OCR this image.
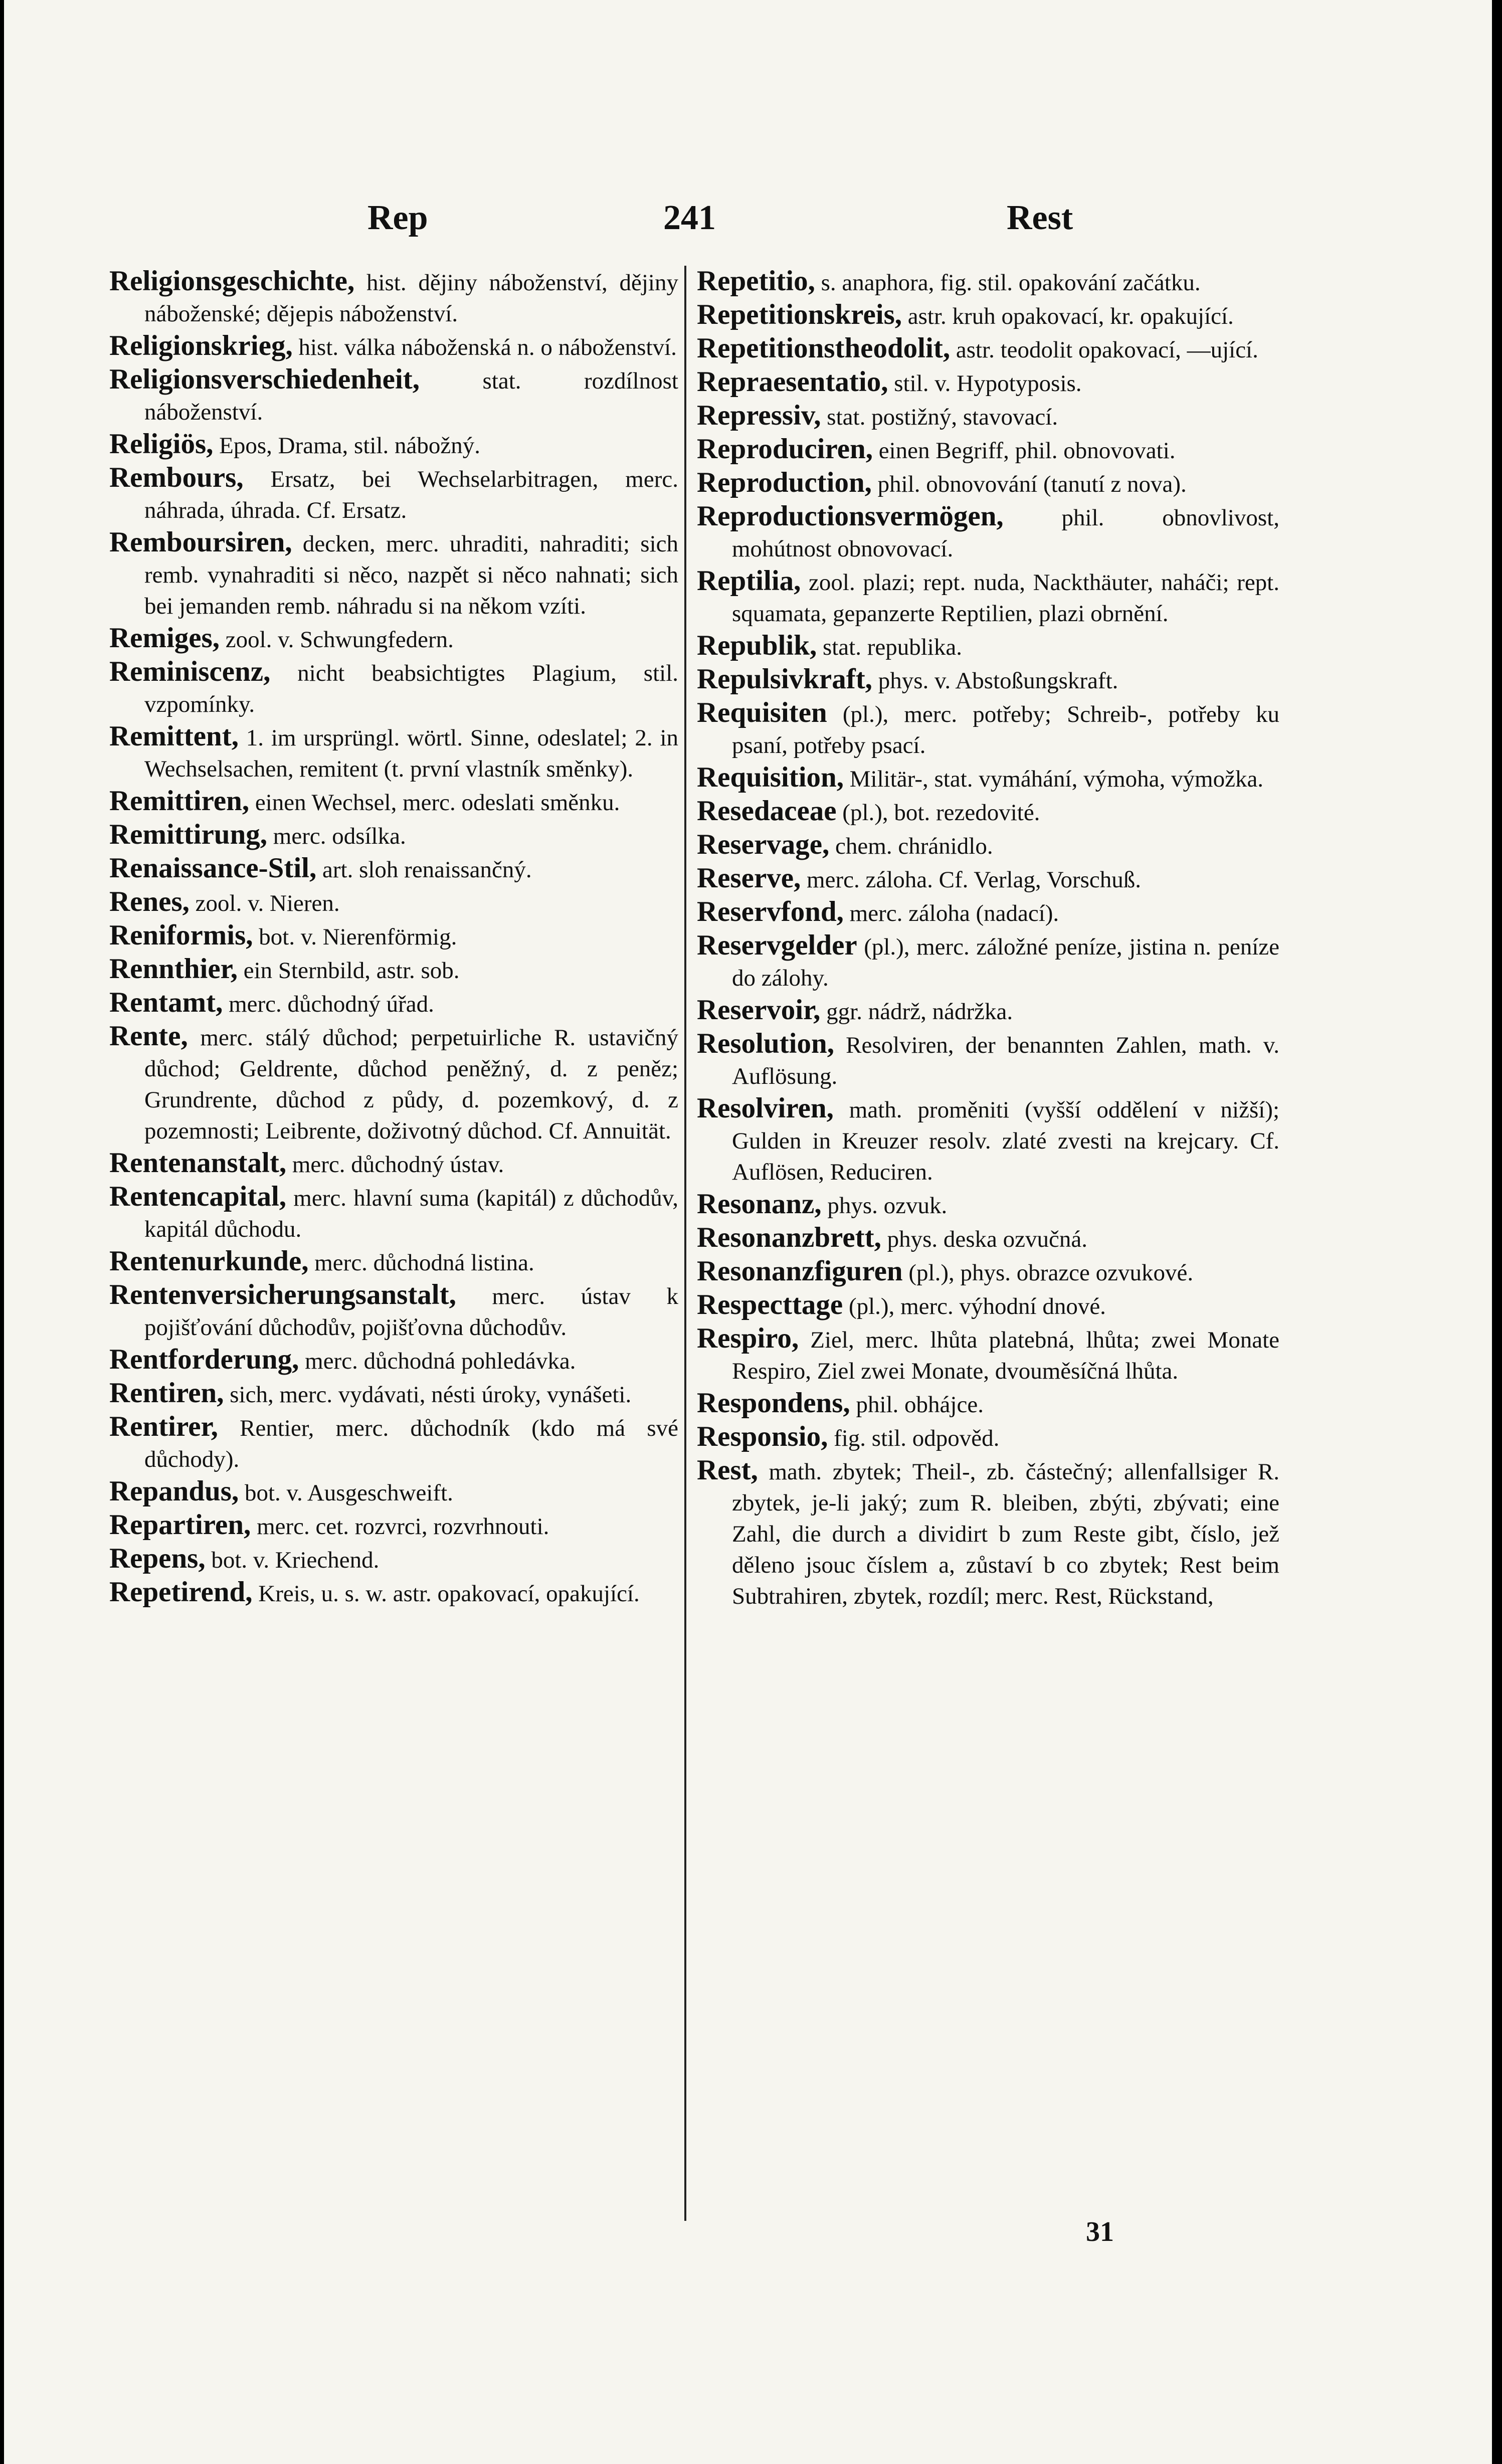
Rep	241	Rest

Religionsgeschichte, hist. dějiny náboženství, dějiny náboženské; dějepis náboženství.

Religionskrieg, hist. válka náboženská n. o náboženství.

Religionsverschiedenheit, stat. rozdílnost náboženství.

Religiös, Epos, Drama, stil. nábožný.

Rembours, Ersatz, bei Wechselarbitragen, merc. náhrada, úhrada. Cf. Ersatz.

Remboursiren, decken, merc. uhraditi, nahraditi; sich remb. vynahraditi si něco, nazpět si něco nahnati; sich bei jemanden remb. náhradu si na někom vzíti.

Remiges, zool. v. Schwungfedern.

Reminiscenz, nicht beabsichtigtes Plagium, stil. vzpomínky.

Remittent, 1. im ursprüngl. wörtl. Sinne, odeslatel; 2. in Wechselsachen, remitent (t. první vlastník směnky).

Remittiren, einen Wechsel, merc. odeslati směnku.

Remittirung, merc. odsílka.

Renaissance-Stil, art. sloh renaissančný.

Renes, zool. v. Nieren.

Reniformis, bot. v. Nierenförmig.

Rennthier, ein Sternbild, astr. sob.

Rentamt, merc. důchodný úřad.

Rente, merc. stálý důchod; perpetuirliche R. ustavičný důchod; Geldrente, důchod peněžný, d. z peněz; Grundrente, důchod z půdy, d. pozemkový, d. z pozemnosti; Leibrente, doživotný důchod. Cf. Annuität.

Rentenanstalt, merc. důchodný ústav.

Rentencapital, merc. hlavní suma (kapitál) z důchodův, kapitál důchodu.

Rentenurkunde, merc. důchodná listina.

Rentenversicherungsanstalt, merc. ústav k pojišťování důchodův, pojišťovna důchodův.

Rentforderung, merc. důchodná pohledávka.

Rentiren, sich, merc. vydávati, nésti úroky, vynášeti.

Rentirer, Rentier, merc. důchodník (kdo má své důchody).

Repandus, bot. v. Ausgeschweift.

Repartiren, merc. cet. rozvrci, rozvrhnouti.

Repens, bot. v. Kriechend.

Repetirend, Kreis, u. s. w. astr. opakovací, opakující.

Repetitio, s. anaphora, fig. stil. opakování začátku.

Repetitionskreis, astr. kruh opakovací, kr. opakující.

Repetitionstheodolit, astr. teodolit opakovací, —ující.

Repraesentatio, stil. v. Hypotyposis.

Repressiv, stat. postižný, stavovací.

Reproduciren, einen Begriff, phil. obnovovati.

Reproduction, phil. obnovování (tanutí z nova).

Reproductionsvermögen, phil. obnovlivost, mohútnost obnovovací.

Reptilia, zool. plazi; rept. nuda, Nackthäuter, naháči; rept. squamata, gepanzerte Reptilien, plazi obrnění.

Republik, stat. republika.

Repulsivkraft, phys. v. Abstoßungskraft.

Requisiten (pl.), merc. potřeby; Schreib-, potřeby ku psaní, potřeby psací.

Requisition, Militär-, stat. vymáhání, výmoha, výmožka.

Resedaceae (pl.), bot. rezedovité.

Reservage, chem. chránidlo.

Reserve, merc. záloha. Cf. Verlag, Vorschuß.

Reservfond, merc. záloha (nadací).

Reservgelder (pl.), merc. záložné peníze, jistina n. peníze do zálohy.

Reservoir, ggr. nádrž, nádržka.

Resolution, Resolviren, der benannten Zahlen, math. v. Auflösung.

Resolviren, math. proměniti (vyšší oddělení v nižší); Gulden in Kreuzer resolv. zlaté zvesti na krejcary. Cf. Auflösen, Reduciren.

Resonanz, phys. ozvuk.

Resonanzbrett, phys. deska ozvučná.

Resonanzfiguren (pl.), phys. obrazce ozvukové.

Respecttage (pl.), merc. výhodní dnové.

Respiro, Ziel, merc. lhůta platebná, lhůta; zwei Monate Respiro, Ziel zwei Monate, dvouměsíčná lhůta.

Respondens, phil. obhájce.

Responsio, fig. stil. odpověd.

Rest, math. zbytek; Theil-, zb. částečný; allenfallsiger R. zbytek, je-li jaký; zum R. bleiben, zbýti, zbývati; eine Zahl, die durch a dividirt b zum Reste gibt, číslo, jež děleno jsouc číslem a, zůstaví b co zbytek; Rest beim Subtrahiren, zbytek, rozdíl; merc. Rest, Rückstand,

31
